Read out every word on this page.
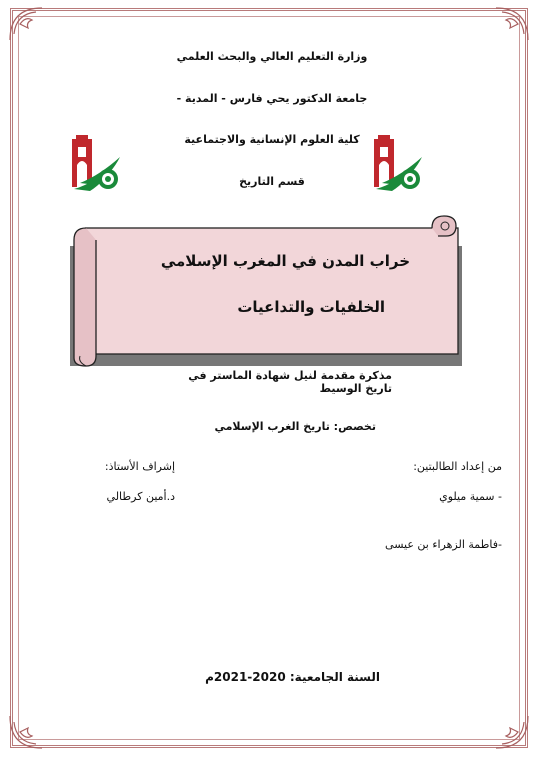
وزارة التعليم العالي والبحث العلمي
جامعة الدكتور يحي فارس - المدية -
كلية العلوم الإنسانية والاجتماعية
قسم التاريخ
خراب المدن في المغرب الإسلامي
الخلفيات والتداعيات
مذكرة مقدمة لنيل شهادة الماستر في تاريخ الوسيط
تخصص: تاريخ الغرب الإسلامي
من إعداد الطالبتين:
- سمية ميلوي
-فاطمة الزهراء بن عيسى
إشراف الأستاذ:
د.أمين كرطالي
السنة الجامعية: 2020-2021م
